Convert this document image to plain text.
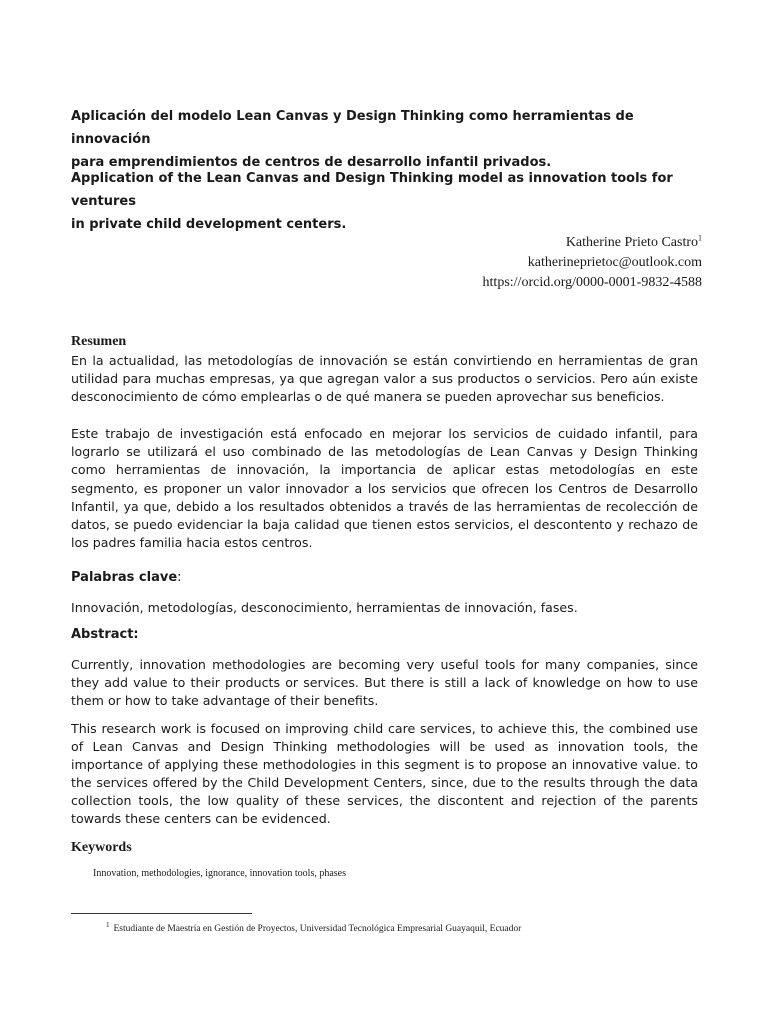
Aplicación del modelo Lean Canvas y Design Thinking como herramientas de innovación
para emprendimientos de centros de desarrollo infantil privados.
Application of the Lean Canvas and Design Thinking model as innovation tools for ventures
in private child development centers.
Katherine Prieto Castro$^1$
katherineprietoc@outlook.com
https://orcid.org/0000-0001-9832-4588
Resumen
En la actualidad, las metodologías de innovación se están convirtiendo en herramientas de gran utilidad para muchas empresas, ya que agregan valor a sus productos o servicios. Pero aún existe desconocimiento de cómo emplearlas o de qué manera se pueden aprovechar sus beneficios.
Este trabajo de investigación está enfocado en mejorar los servicios de cuidado infantil, para lograrlo se utilizará el uso combinado de las metodologías de Lean Canvas y Design Thinking como herramientas de innovación, la importancia de aplicar estas metodologías en este segmento, es proponer un valor innovador a los servicios que ofrecen los Centros de Desarrollo Infantil, ya que, debido a los resultados obtenidos a través de las herramientas de recolección de datos, se puedo evidenciar la baja calidad que tienen estos servicios, el descontento y rechazo de los padres familia hacia estos centros.
Palabras clave:
Innovación, metodologías, desconocimiento, herramientas de innovación, fases.
Abstract:
Currently, innovation methodologies are becoming very useful tools for many companies, since they add value to their products or services. But there is still a lack of knowledge on how to use them or how to take advantage of their benefits.
This research work is focused on improving child care services, to achieve this, the combined use of Lean Canvas and Design Thinking methodologies will be used as innovation tools, the importance of applying these methodologies in this segment is to propose an innovative value. to the services offered by the Child Development Centers, since, due to the results through the data collection tools, the low quality of these services, the discontent and rejection of the parents towards these centers can be evidenced.
Keywords
Innovation, methodologies, ignorance, innovation tools, phases
$^1$ Estudiante de Maestría en Gestión de Proyectos, Universidad Tecnológica Empresarial Guayaquil, Ecuador
